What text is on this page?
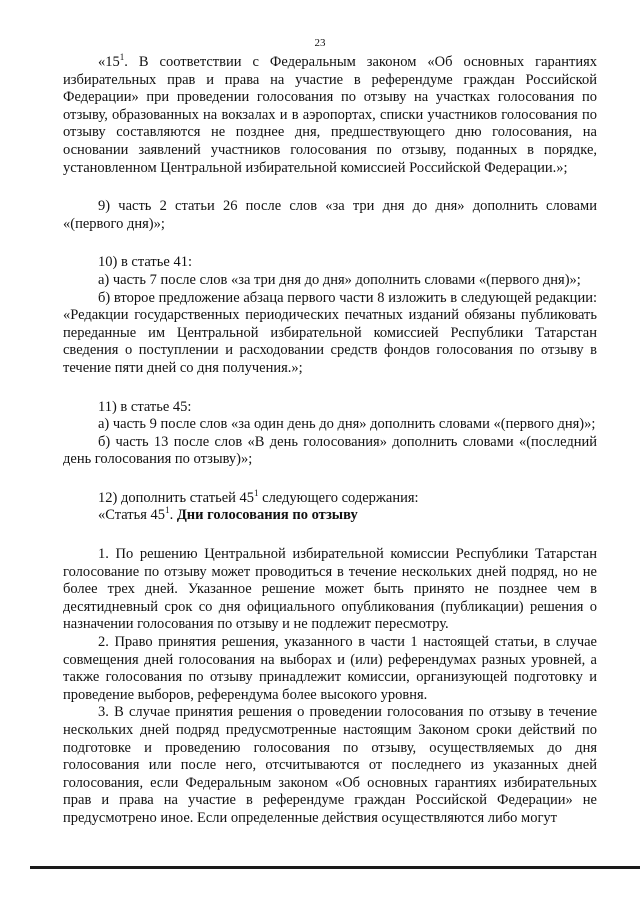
23

«$15^1$. В соответствии с Федеральным законом «Об основных гарантиях избирательных прав и права на участие в референдуме граждан Российской Федерации» при проведении голосования по отзыву на участках голосования по отзыву, образованных на вокзалах и в аэропортах, списки участников голосования по отзыву составляются не позднее дня, предшествующего дню голосования, на основании заявлений участников голосования по отзыву, поданных в порядке, установленном Центральной избирательной комиссией Российской Федерации.»;

9) часть 2 статьи 26 после слов «за три дня до дня» дополнить словами «(первого дня)»;

10) в статье 41:

а) часть 7 после слов «за три дня до дня» дополнить словами «(первого дня)»;

б) второе предложение абзаца первого части 8 изложить в следующей редакции: «Редакции государственных периодических печатных изданий обязаны публиковать переданные им Центральной избирательной комиссией Республики Татарстан сведения о поступлении и расходовании средств фондов голосования по отзыву в течение пяти дней со дня получения.»;

11) в статье 45:

а) часть 9 после слов «за один день до дня» дополнить словами «(первого дня)»;

б) часть 13 после слов «В день голосования» дополнить словами «(последний день голосования по отзыву)»;

12) дополнить статьей $45^1$ следующего содержания:

«Статья $45^1$. Дни голосования по отзыву

1. По решению Центральной избирательной комиссии Республики Татарстан голосование по отзыву может проводиться в течение нескольких дней подряд, но не более трех дней. Указанное решение может быть принято не позднее чем в десятидневный срок со дня официального опубликования (публикации) решения о назначении голосования по отзыву и не подлежит пересмотру.

2. Право принятия решения, указанного в части 1 настоящей статьи, в случае совмещения дней голосования на выборах и (или) референдумах разных уровней, а также голосования по отзыву принадлежит комиссии, организующей подготовку и проведение выборов, референдума более высокого уровня.

3. В случае принятия решения о проведении голосования по отзыву в течение нескольких дней подряд предусмотренные настоящим Законом сроки действий по подготовке и проведению голосования по отзыву, осуществляемых до дня голосования или после него, отсчитываются от последнего из указанных дней голосования, если Федеральным законом «Об основных гарантиях избирательных прав и права на участие в референдуме граждан Российской Федерации» не предусмотрено иное. Если определенные действия осуществляются либо могут
